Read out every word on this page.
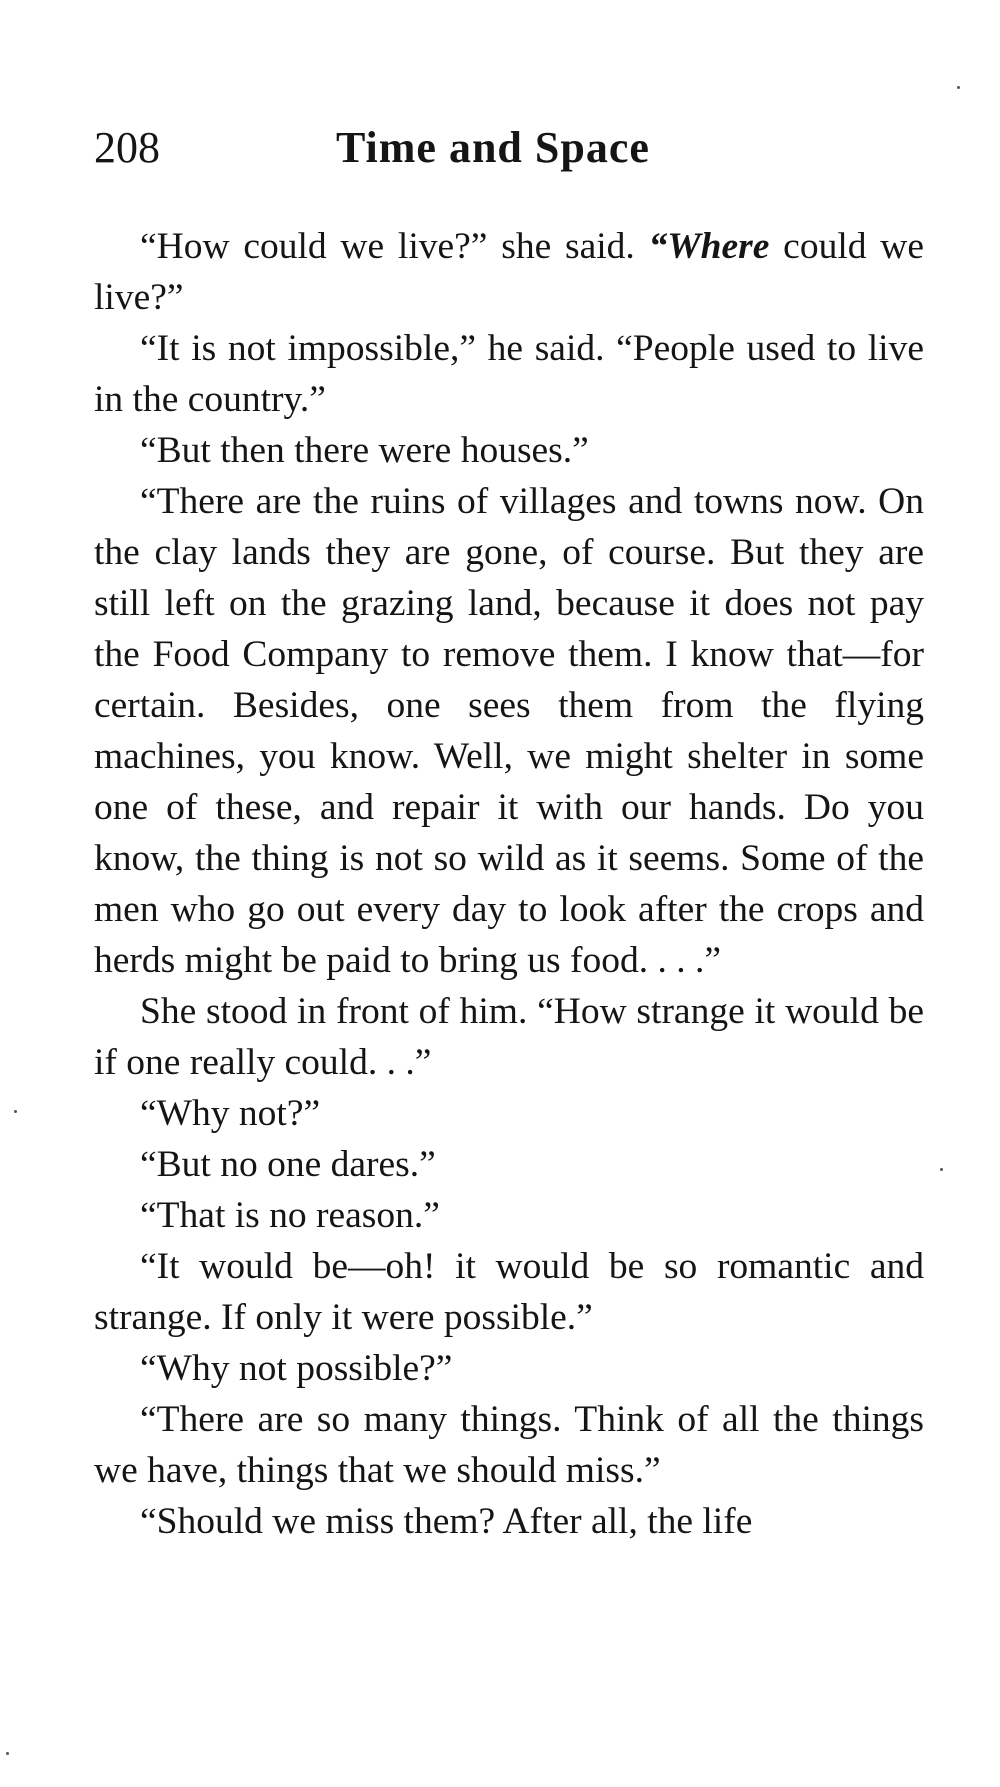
208	Time and Space

“How could we live?” she said. “Where could we live?”

“It is not impossible,” he said. “People used to live in the country.”

“But then there were houses.”

“There are the ruins of villages and towns now. On the clay lands they are gone, of course. But they are still left on the grazing land, because it does not pay the Food Company to remove them. I know that—for certain. Besides, one sees them from the flying machines, you know. Well, we might shelter in some one of these, and repair it with our hands. Do you know, the thing is not so wild as it seems. Some of the men who go out every day to look after the crops and herds might be paid to bring us food. . . .”

She stood in front of him. “How strange it would be if one really could. . .”

“Why not?”

“But no one dares.”

“That is no reason.”

“It would be—oh! it would be so romantic and strange. If only it were possible.”

“Why not possible?”

“There are so many things. Think of all the things we have, things that we should miss.”

“Should we miss them? After all, the life
